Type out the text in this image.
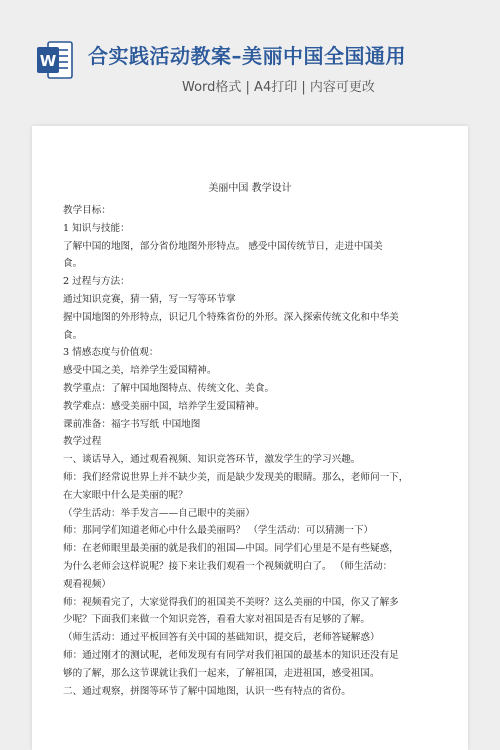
W 合实践活动教案–美丽中国全国通用
Word格式 | A4打印 | 内容可更改
美丽中国 教学设计
教学目标：
1 知识与技能：
了解中国的地图，部分省份地图外形特点。 感受中国传统节日，走进中国美
食。
2 过程与方法：
通过知识竞赛，猜一猜，写一写等环节掌
握中国地图的外形特点，识记几个特殊省份的外形。深入探索传统文化和中华美
食。
3 情感态度与价值观：
感受中国之美，培养学生爱国精神。
教学重点：了解中国地图特点、传统文化、美食。
教学难点：感受美丽中国，培养学生爱国精神。
课前准备：福字书写纸 中国地图
教学过程
一、谈话导入，通过观看视频、知识竞答环节，激发学生的学习兴趣。
师：我们经常说世界上并不缺少美，而是缺少发现美的眼睛。那么，老师问一下，
在大家眼中什么是美丽的呢？
（学生活动：举手发言——自己眼中的美丽）
师：那同学们知道老师心中什么最美丽吗？ （学生活动：可以猜测一下）
师：在老师眼里最美丽的就是我们的祖国—中国。同学们心里是不是有些疑惑，
为什么老师会这样说呢？接下来让我们观看一个视频就明白了。 （师生活动：
观看视频）
师：视频看完了，大家觉得我们的祖国美不美呀？这么美丽的中国，你又了解多
少呢？下面我们来做一个知识竞答，看看大家对祖国是否有足够的了解。
（师生活动：通过平板回答有关中国的基础知识，提交后，老师答疑解惑）
师：通过刚才的测试呢，老师发现有有同学对我们祖国的最基本的知识还没有足
够的了解，那么这节课就让我们一起来，了解祖国，走进祖国，感受祖国。
二、通过观察，拼图等环节了解中国地图，认识一些有特点的省份。
